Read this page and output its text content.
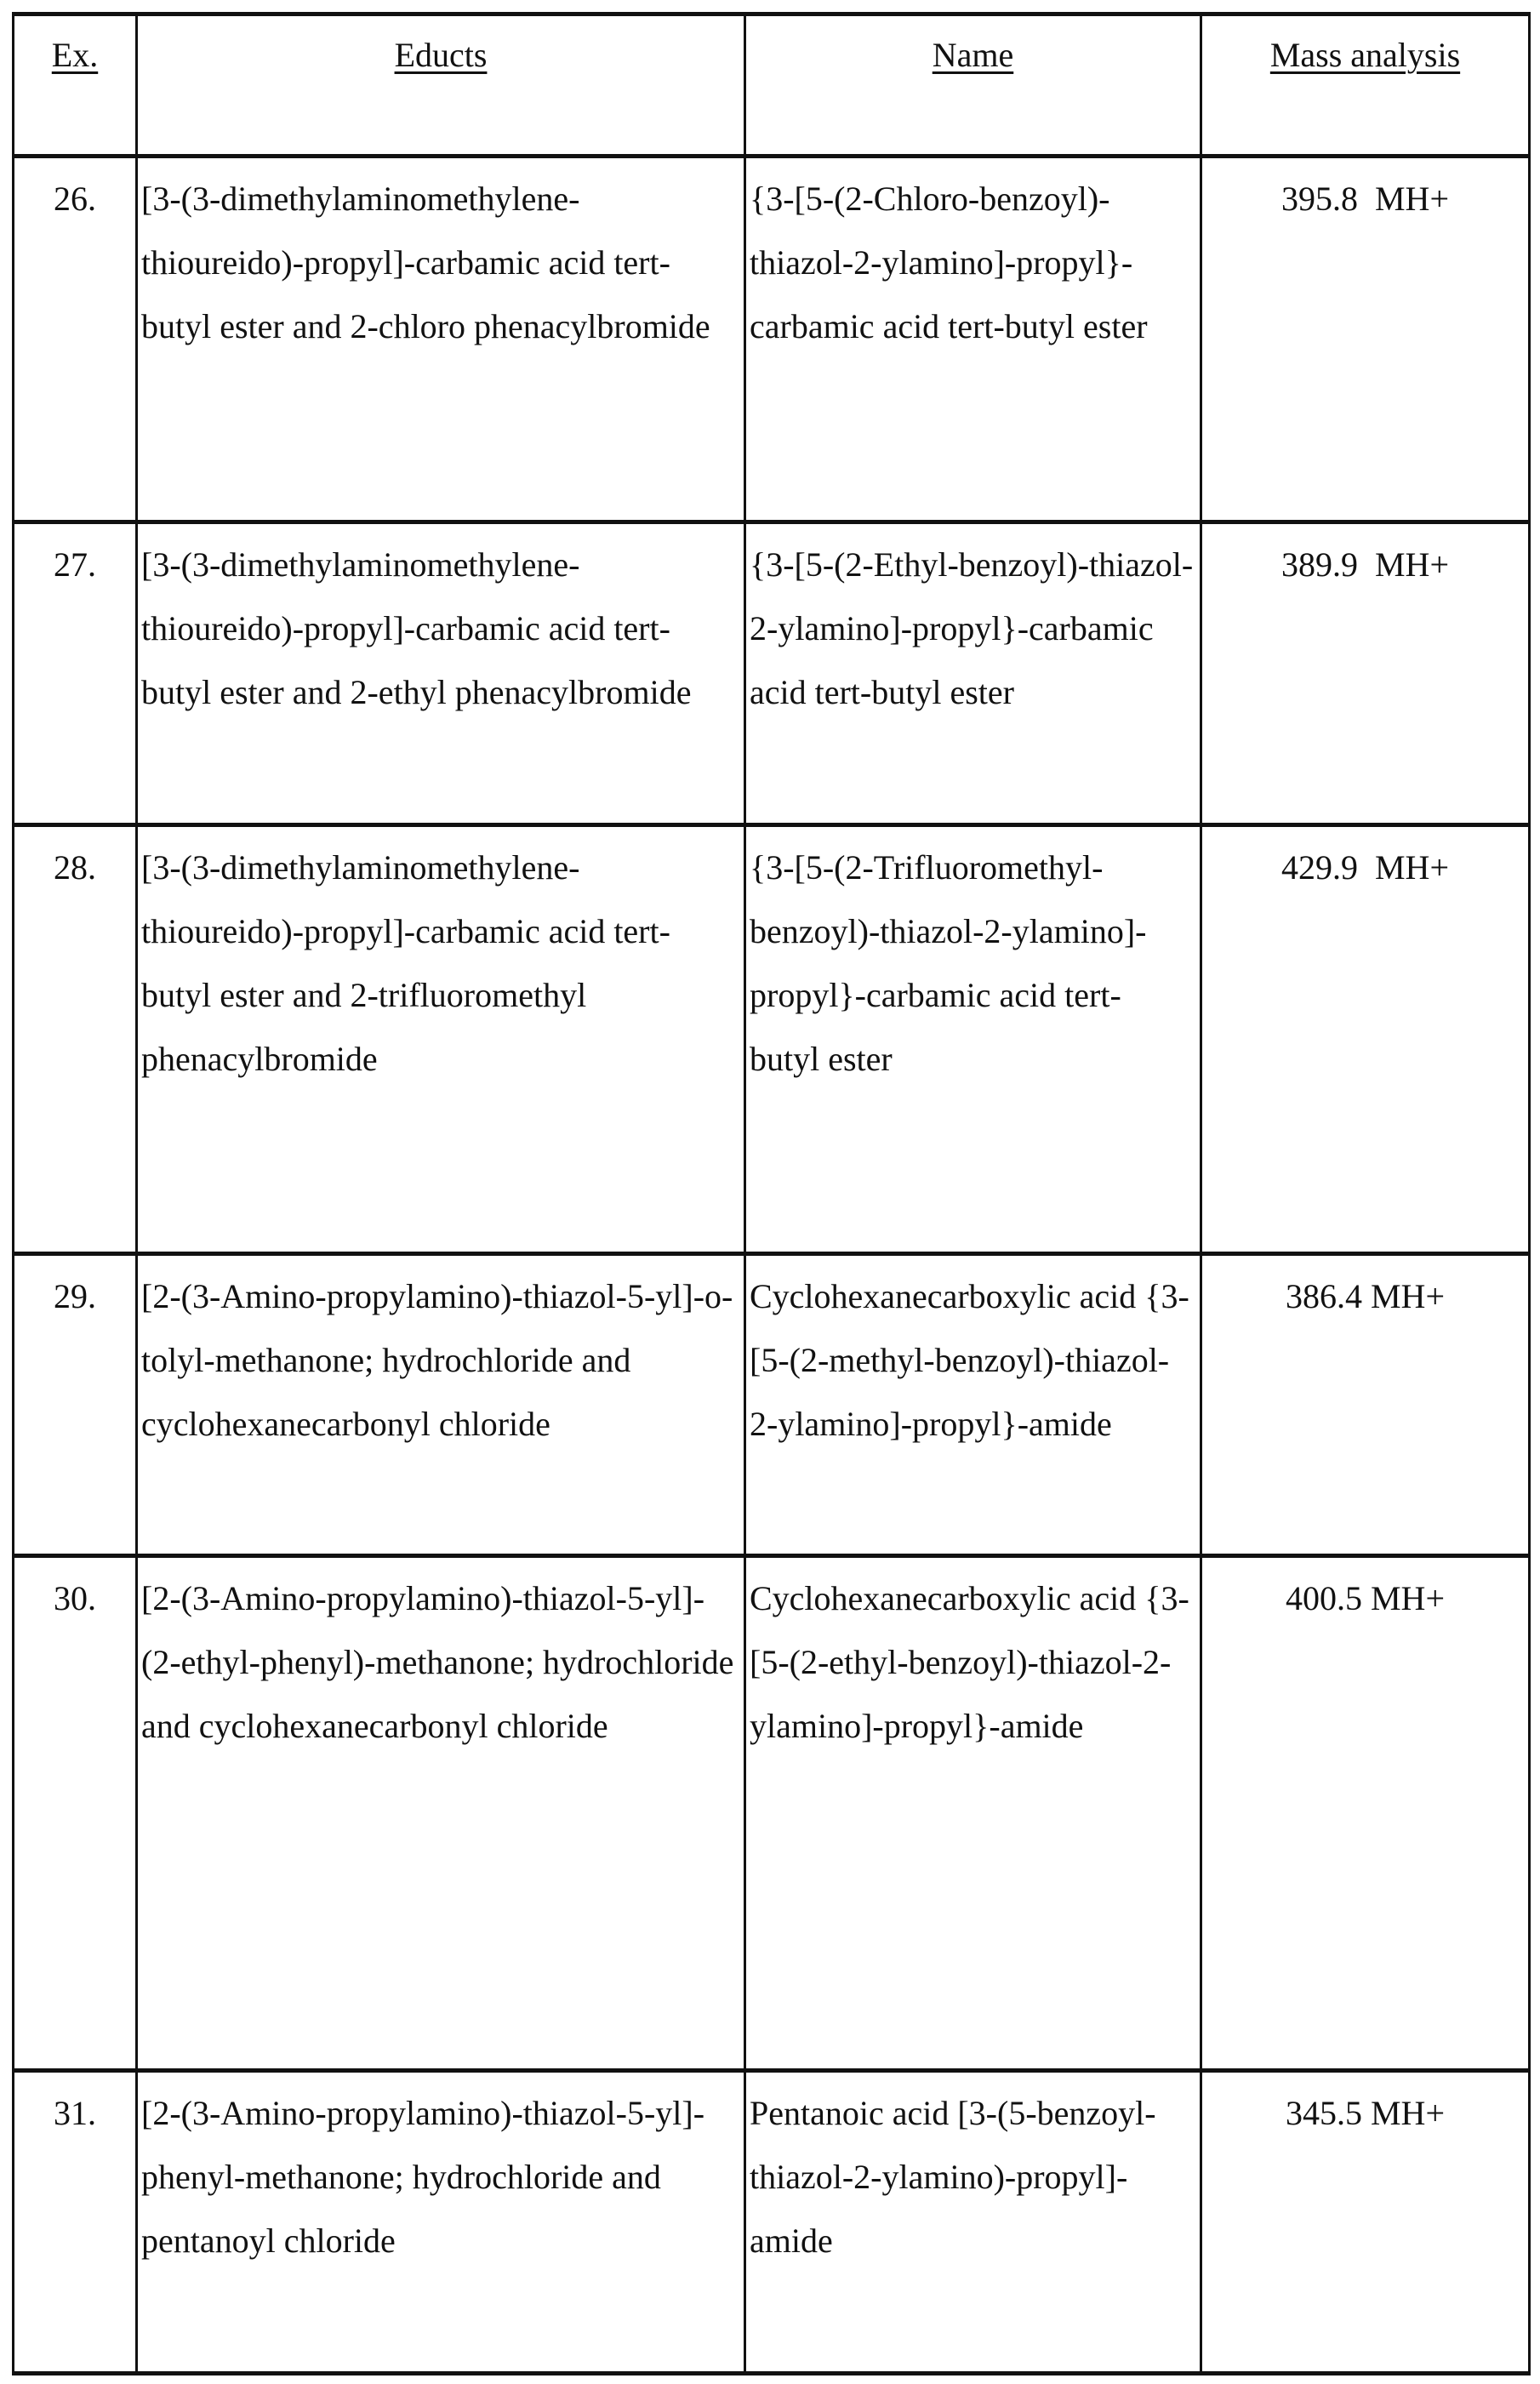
Ex.	Educts	Name	Mass analysis
26.	[3-(3-dimethylaminomethylene-thioureido)-propyl]-carbamic acid tert-butyl ester and 2-chloro phenacylbromide	{3-[5-(2-Chloro-benzoyl)-thiazol-2-ylamino]-propyl}-carbamic acid tert-butyl ester	395.8  MH+
27.	[3-(3-dimethylaminomethylene-thioureido)-propyl]-carbamic acid tert-butyl ester and 2-ethyl phenacylbromide	{3-[5-(2-Ethyl-benzoyl)-thiazol-2-ylamino]-propyl}-carbamic acid tert-butyl ester	389.9  MH+
28.	[3-(3-dimethylaminomethylene-thioureido)-propyl]-carbamic acid tert-butyl ester and 2-trifluoromethyl phenacylbromide	{3-[5-(2-Trifluoromethyl-benzoyl)-thiazol-2-ylamino]-propyl}-carbamic acid tert- butyl ester	429.9  MH+
29.	[2-(3-Amino-propylamino)-thiazol-5-yl]-o-tolyl-methanone; hydrochloride and cyclohexanecarbonyl chloride	Cyclohexanecarboxylic acid {3-[5-(2-methyl-benzoyl)-thiazol-2-ylamino]-propyl}-amide	386.4 MH+
30.	[2-(3-Amino-propylamino)-thiazol-5-yl]-(2-ethyl-phenyl)-methanone; hydrochloride and cyclohexanecarbonyl chloride	Cyclohexanecarboxylic acid {3-[5-(2-ethyl-benzoyl)-thiazol-2-ylamino]-propyl}-amide	400.5 MH+
31.	[2-(3-Amino-propylamino)-thiazol-5-yl]-phenyl-methanone; hydrochloride and pentanoyl chloride	Pentanoic acid [3-(5-benzoyl-thiazol-2-ylamino)-propyl]-amide	345.5 MH+
